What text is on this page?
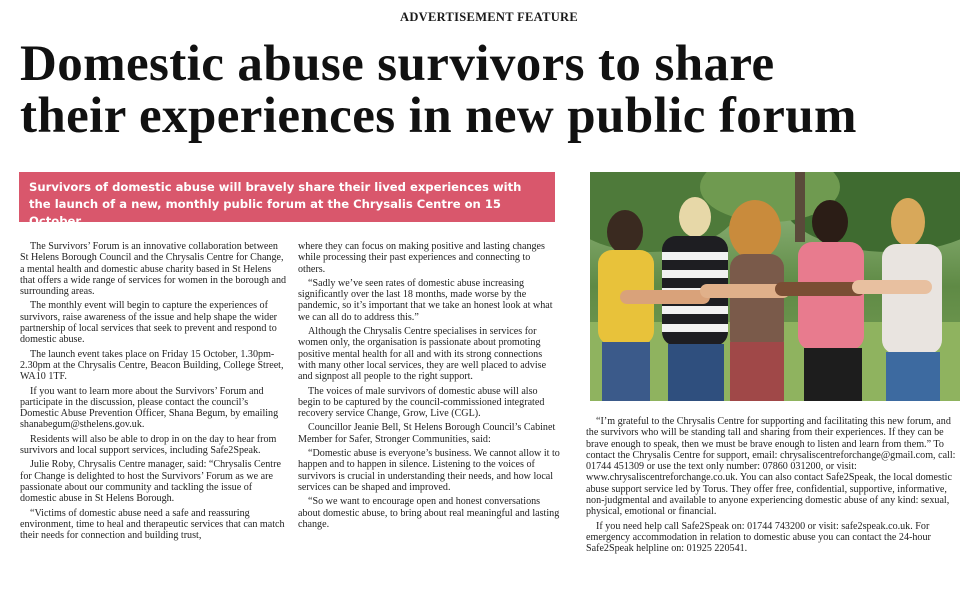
ADVERTISEMENT FEATURE
Domestic abuse survivors to share
their experiences in new public forum
Survivors of domestic abuse will bravely share their lived experiences with the launch of a new, monthly public forum at the Chrysalis Centre on 15 October.

The Survivors’ Forum is an innovative collaboration between St Helens Borough Council and the Chrysalis Centre for Change, a mental health and domestic abuse charity based in St Helens that offers a wide range of services for women in the borough and surrounding areas.

The monthly event will begin to capture the experiences of survivors, raise awareness of the issue and help shape the wider partnership of local services that seek to prevent and respond to domestic abuse.

The launch event takes place on Friday 15 October, 1.30pm-2.30pm at the Chrysalis Centre, Beacon Building, College Street, WA10 1TF.

If you want to learn more about the Survivors’ Forum and participate in the discussion, please contact the council’s Domestic Abuse Prevention Officer, Shana Begum, by emailing shanabegum@sthelens.gov.uk.

Residents will also be able to drop in on the day to hear from survivors and local support services, including Safe2Speak.

Julie Roby, Chrysalis Centre manager, said: “Chrysalis Centre for Change is delighted to host the Survivors’ Forum as we are passionate about our community and tackling the issue of domestic abuse in St Helens Borough.

“Victims of domestic abuse need a safe and reassuring environment, time to heal and therapeutic services that can match their needs for connection and building trust,

where they can focus on making positive and lasting changes while processing their past experiences and connecting to others.

“Sadly we’ve seen rates of domestic abuse increasing significantly over the last 18 months, made worse by the pandemic, so it’s important that we take an honest look at what we can all do to address this.”

Although the Chrysalis Centre specialises in services for women only, the organisation is passionate about promoting positive mental health for all and with its strong connections with many other local services, they are well placed to advise and signpost all people to the right support.

The voices of male survivors of domestic abuse will also begin to be captured by the council-commissioned integrated recovery service Change, Grow, Live (CGL).

Councillor Jeanie Bell, St Helens Borough Council’s Cabinet Member for Safer, Stronger Communities, said:

“Domestic abuse is everyone’s business. We cannot allow it to happen and to happen in silence. Listening to the voices of survivors is crucial in understanding their needs, and how local services can be shaped and improved.

“So we want to encourage open and honest conversations about domestic abuse, to bring about real meaningful and lasting change.

“I’m grateful to the Chrysalis Centre for supporting and facilitating this new forum, and the survivors who will be standing tall and sharing from their experiences. If they can be brave enough to speak, then we must be brave enough to listen and learn from them.” To contact the Chrysalis Centre for support, email: chrysaliscentreforchange@gmail.com, call: 01744 451309 or use the text only number: 07860 031200, or visit: www.chrysaliscentreforchange.co.uk. You can also contact Safe2Speak, the local domestic abuse support service led by Torus. They offer free, confidential, supportive, informative, non-judgmental and available to anyone experiencing domestic abuse of any kind: sexual, physical, emotional or financial.

If you need help call Safe2Speak on: 01744 743200 or visit: safe2speak.co.uk. For emergency accommodation in relation to domestic abuse you can contact the 24-hour Safe2Speak helpline on: 01925 220541.
